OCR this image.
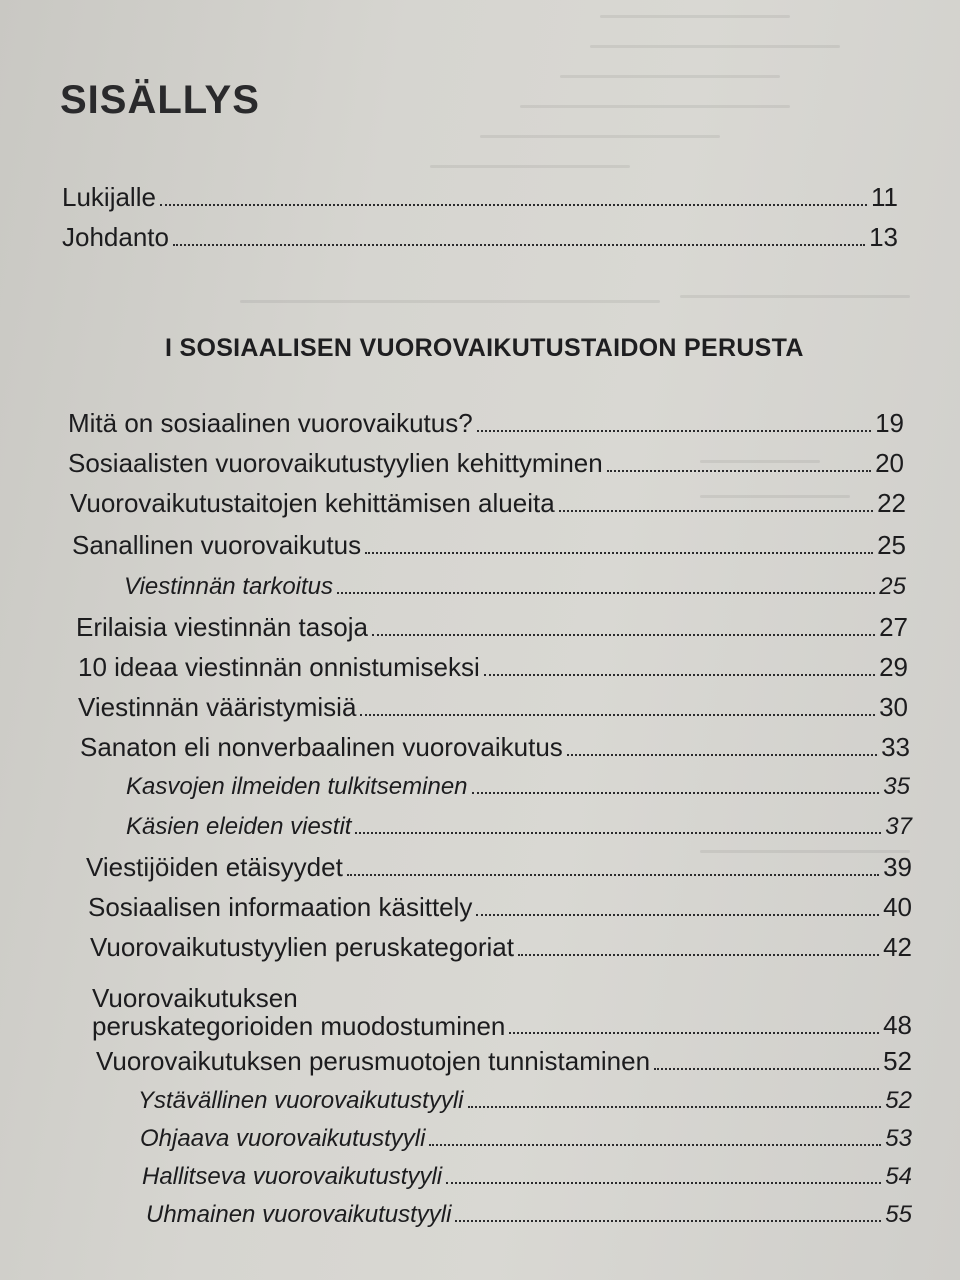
SISÄLLYS
Lukijalle	11
Johdanto	13
I SOSIAALISEN VUOROVAIKUTUSTAIDON PERUSTA
Mitä on sosiaalinen vuorovaikutus?	19
Sosiaalisten vuorovaikutustyylien kehittyminen	20
Vuorovaikutustaitojen kehittämisen alueita	22
Sanallinen vuorovaikutus	25
Viestinnän tarkoitus	25
Erilaisia viestinnän tasoja	27
10 ideaa viestinnän onnistumiseksi	29
Viestinnän vääristymisiä	30
Sanaton eli nonverbaalinen vuorovaikutus	33
Kasvojen ilmeiden tulkitseminen	35
Käsien eleiden viestit	37
Viestijöiden etäisyydet	39
Sosiaalisen informaation käsittely	40
Vuorovaikutustyylien peruskategoriat	42
Vuorovaikutuksen
peruskategorioiden muodostuminen	48
Vuorovaikutuksen perusmuotojen tunnistaminen	52
Ystävällinen vuorovaikutustyyli	52
Ohjaava vuorovaikutustyyli	53
Hallitseva vuorovaikutustyyli	54
Uhmainen vuorovaikutustyyli	55
